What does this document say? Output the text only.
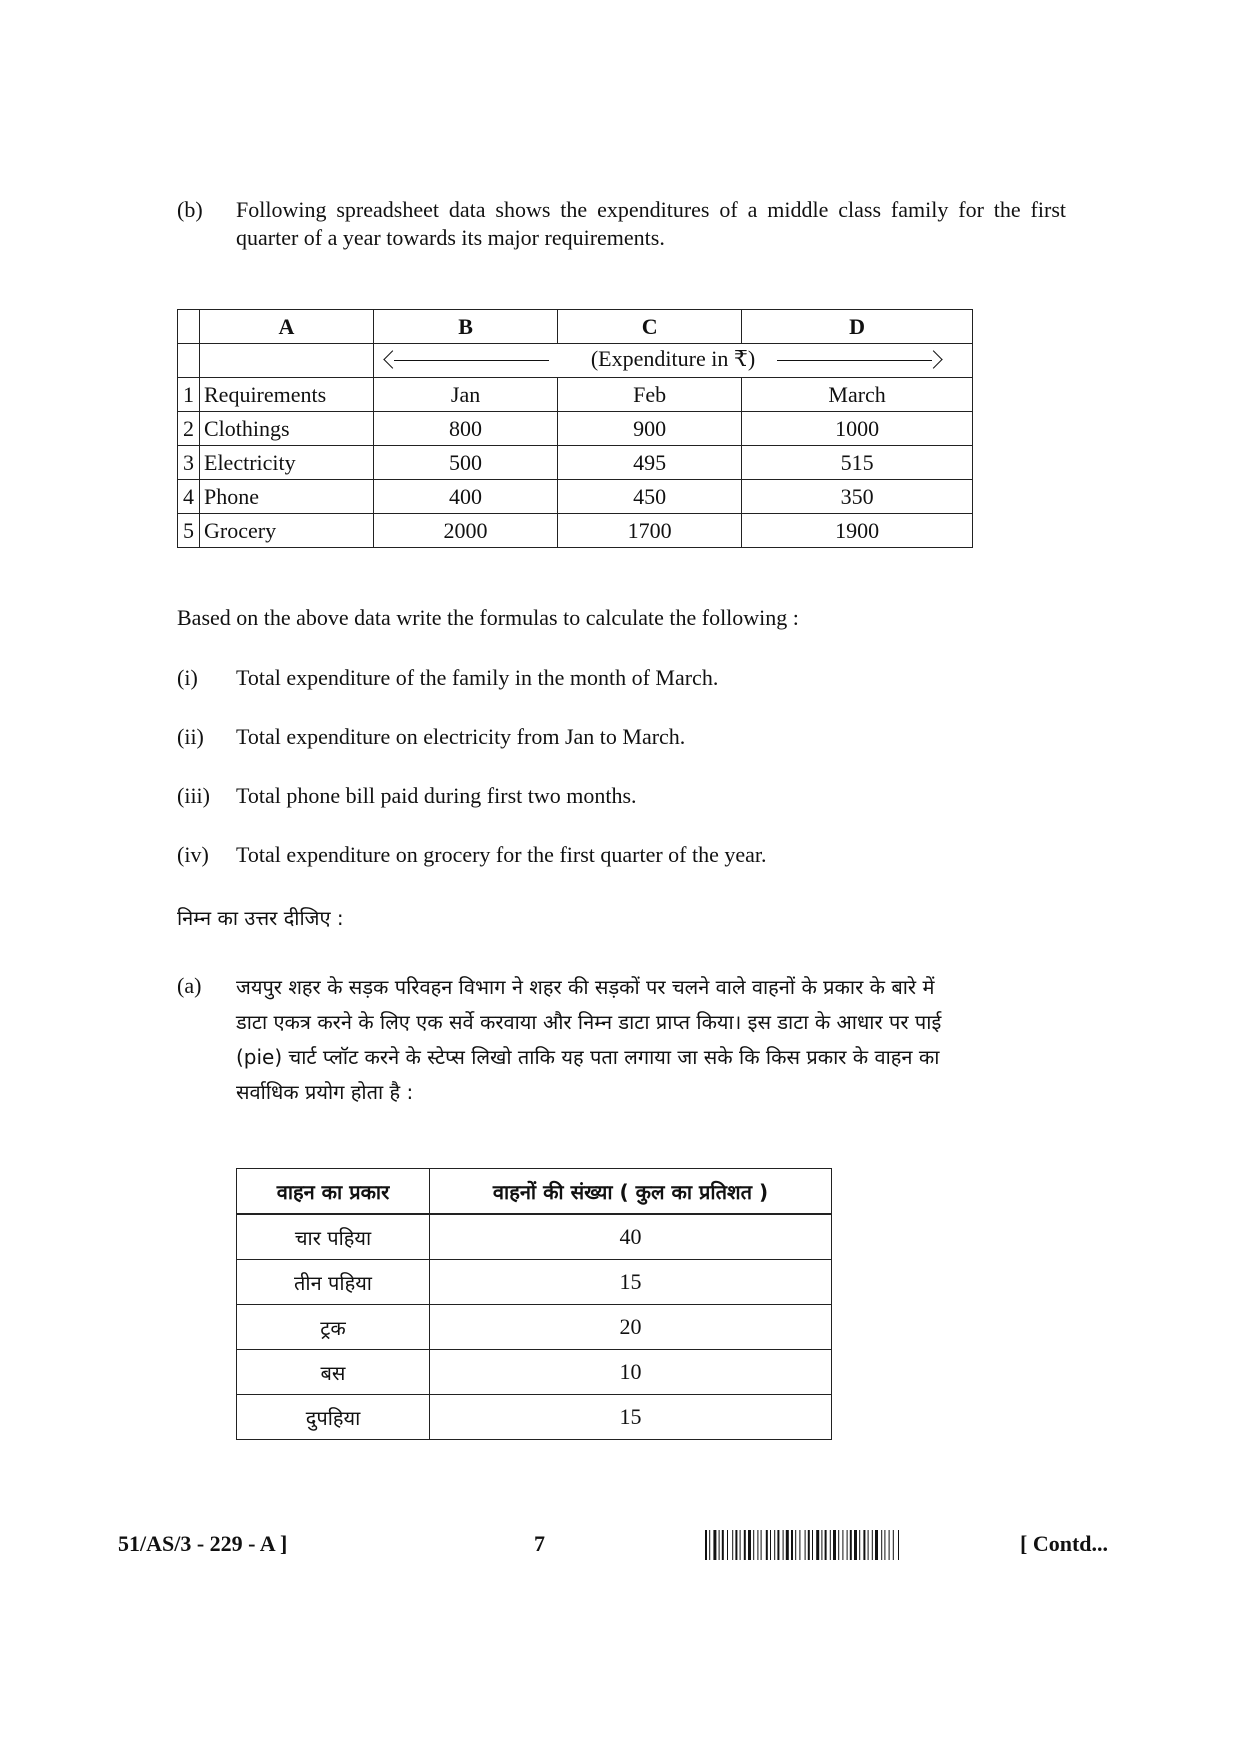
(b)	Following spreadsheet data shows the expenditures of a middle class family for the first quarter of a year towards its major requirements.
	A	B	C	D

		(Expenditure in ₹)		

1	Requirements	Jan	Feb	March
2	Clothings	800	900	1000
3	Electricity	500	495	515
4	Phone	400	450	350
5	Grocery	2000	1700	1900
Based on the above data write the formulas to calculate the following :
(i)	Total expenditure of the family in the month of March.
(ii)	Total expenditure on electricity from Jan to March.
(iii)	Total phone bill paid during first two months.
(iv)	Total expenditure on grocery for the first quarter of the year.
निम्न का उत्तर दीजिए :
(a)	जयपुर शहर के सड़क परिवहन विभाग ने शहर की सड़कों पर चलने वाले वाहनों के प्रकार के बारे में
डाटा एकत्र करने के लिए एक सर्वे करवाया और निम्न डाटा प्राप्त किया। इस डाटा के आधार पर पाई
(pie) चार्ट प्लॉट करने के स्टेप्स लिखो ताकि यह पता लगाया जा सके कि किस प्रकार के वाहन का
सर्वाधिक प्रयोग होता है :
वाहन का प्रकार	वाहनों की संख्या ( कुल का प्रतिशत )
चार पहिया	40
तीन पहिया	15
ट्रक	20
बस	10
दुपहिया	15
51/AS/3 - 229 - A ]	7	[ Contd...
